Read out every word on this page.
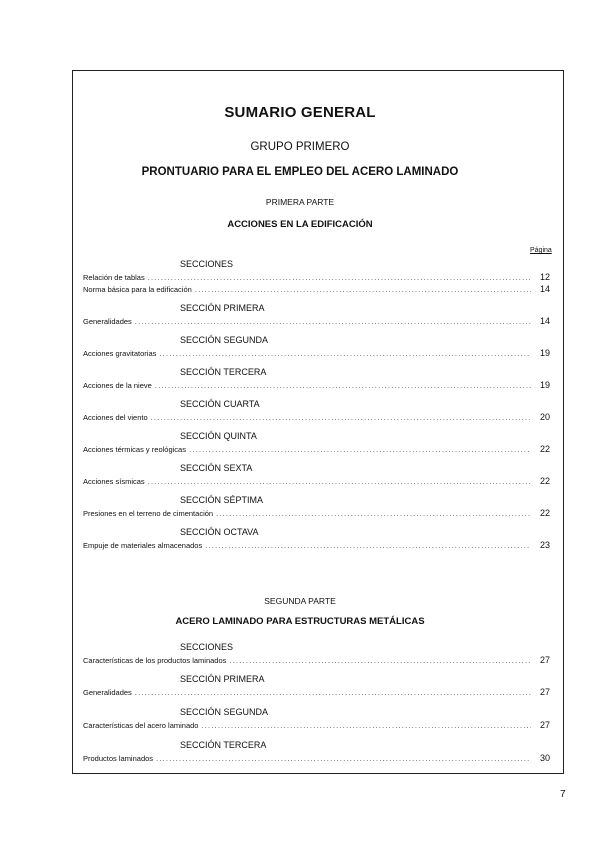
SUMARIO GENERAL
GRUPO PRIMERO
PRONTUARIO PARA EL EMPLEO DEL ACERO LAMINADO
PRIMERA PARTE
ACCIONES EN LA EDIFICACIÓN
Página
SECCIONES
Relación de tablas .....	12
Norma básica para la edificación .....	14
SECCIÓN PRIMERA
Generalidades .....	14
SECCIÓN SEGUNDA
Acciones gravitatorias .....	19
SECCIÓN TERCERA
Acciones de la nieve .....	19
SECCIÓN CUARTA
Acciones del viento .....	20
SECCIÓN QUINTA
Acciones térmicas y reológicas .....	22
SECCIÓN SEXTA
Acciones sísmicas .....	22
SECCIÓN SÉPTIMA
Presiones en el terreno de cimentación .....	22
SECCIÓN OCTAVA
Empuje de materiales almacenados .....	23
SEGUNDA PARTE
ACERO LAMINADO PARA ESTRUCTURAS METÁLICAS
SECCIONES
Características de los productos laminados .....	27
SECCIÓN PRIMERA
Generalidades .....	27
SECCIÓN SEGUNDA
Características del acero laminado .....	27
SECCIÓN TERCERA
Productos laminados .....	30
7
